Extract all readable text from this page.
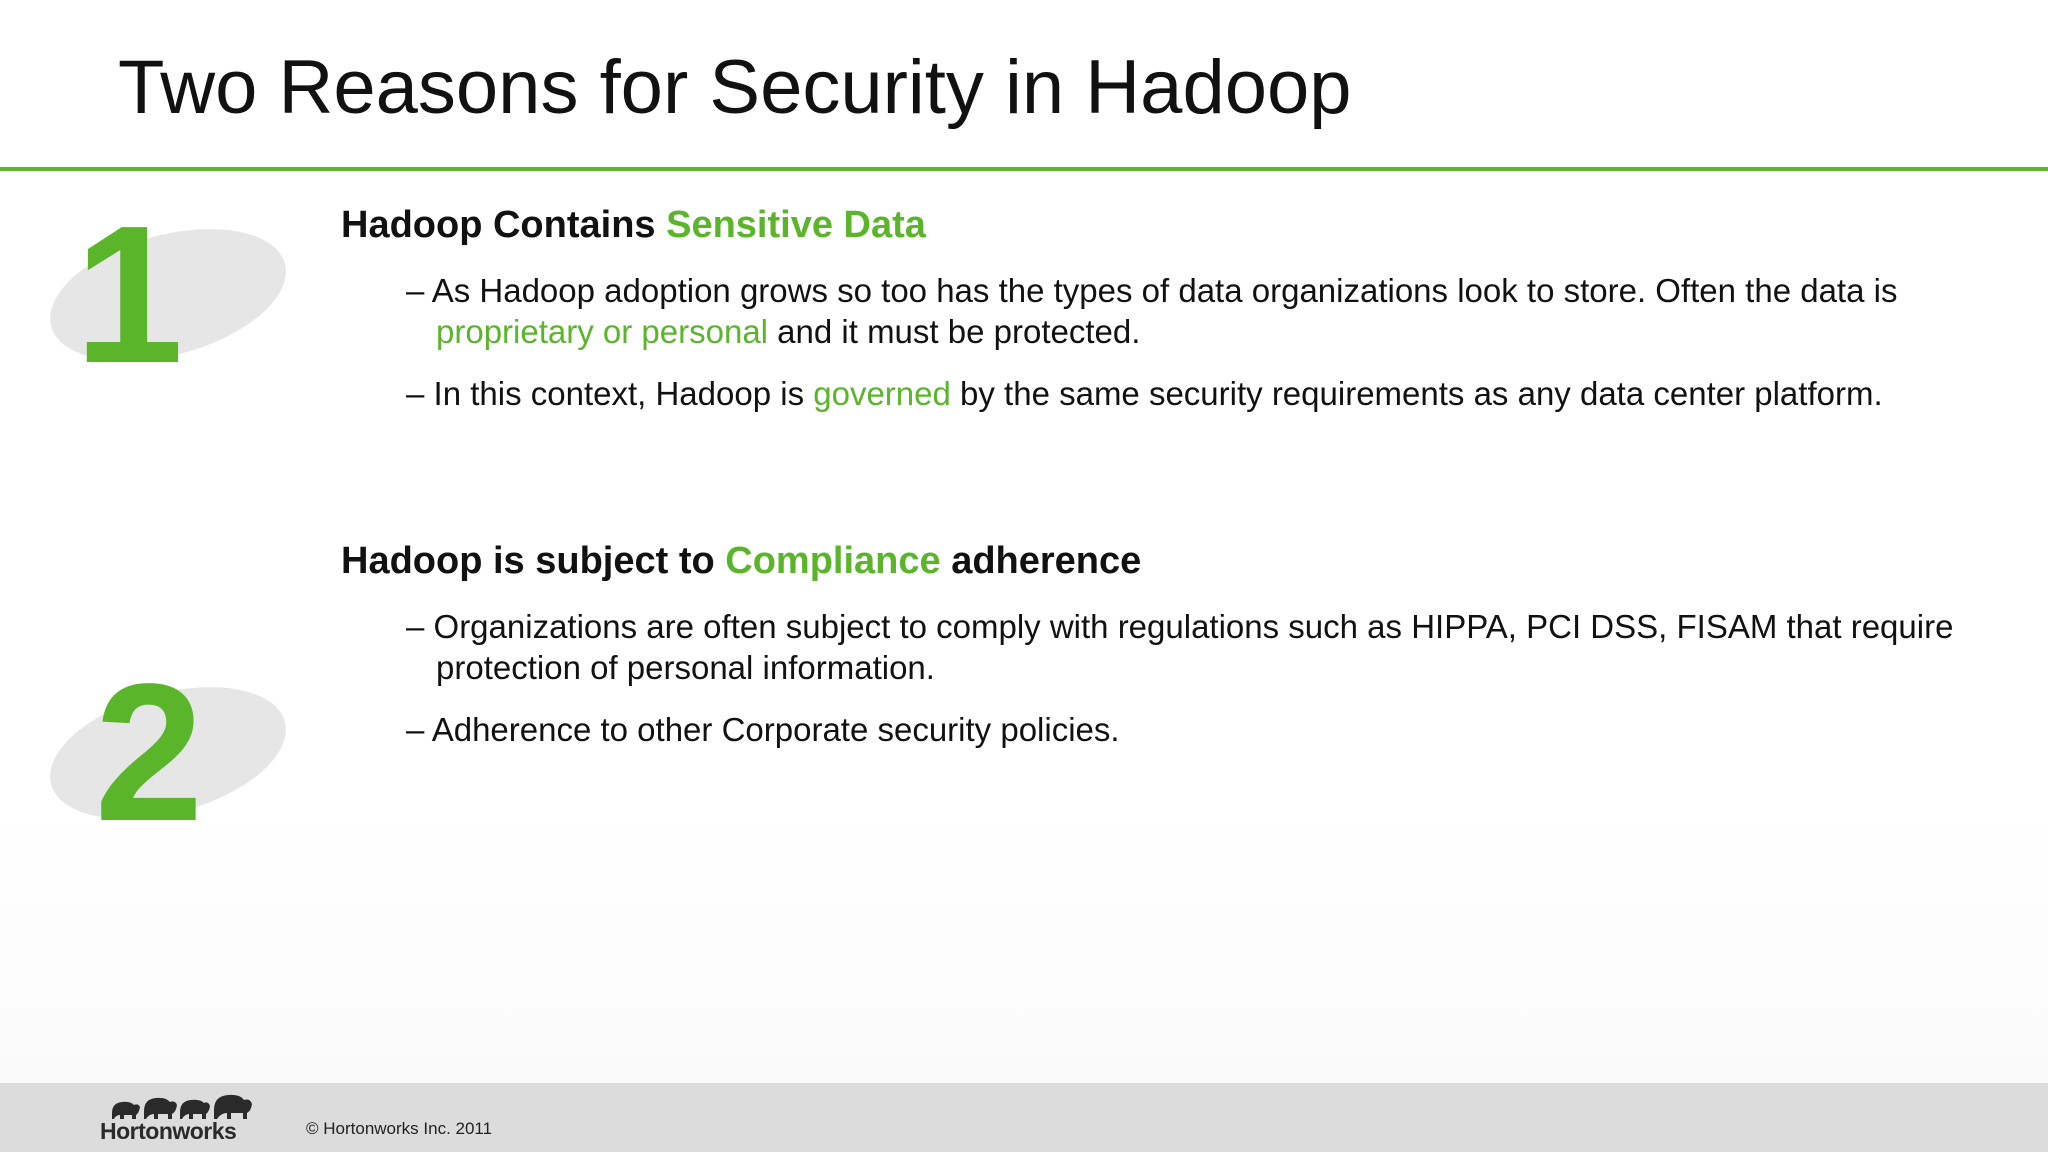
Two Reasons for Security in Hadoop
1
2
Hadoop Contains Sensitive Data

– As Hadoop adoption grows so too has the types of data organizations look to store. Often the data is proprietary or personal and it must be protected.

– In this context, Hadoop is governed by the same security requirements as any data center platform.

Hadoop is subject to Compliance adherence

– Organizations are often subject to comply with regulations such as HIPPA, PCI DSS, FISAM that require protection of personal information.

– Adherence to other Corporate security policies.

Hortonworks	© Hortonworks Inc. 2011
